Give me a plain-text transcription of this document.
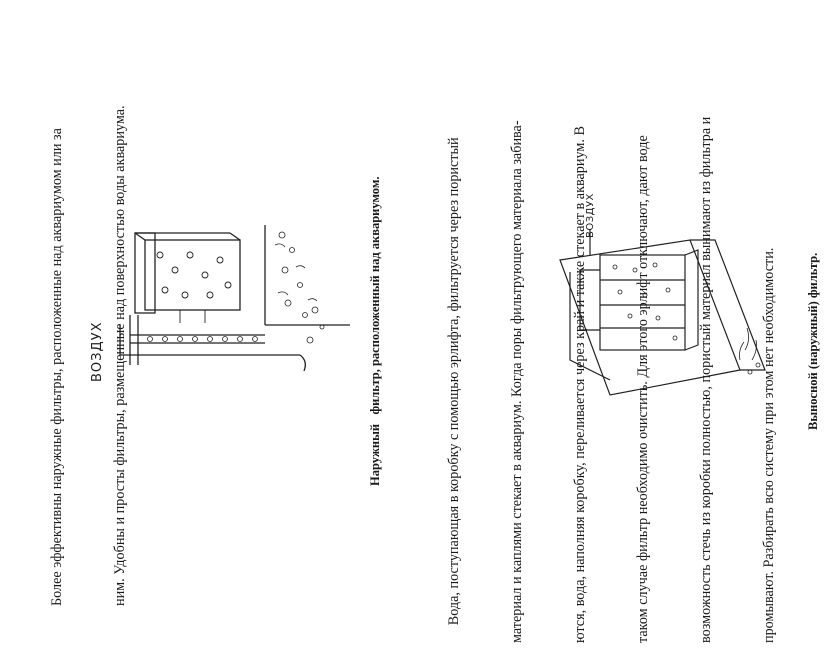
Более эффективны наружные фильтры, расположенные над аквариумом или за

	ним. Удобны и просты фильтры, размещенные над поверхностью воды аквариума.

ВОЗДУХ	Наружный   фильтр, расположенный над аквариумом.

	Вода, поступающая в коробку с помощью эрлифта, фильтруется через пористый

	материал и каплями стекает в аквариум. Когда поры фильтрующего материала забива-

	ются, вода, наполняя коробку, переливается через край и также стекает в аквариум. В

	таком случае фильтр необходимо очистить. Для этого эрлифт отключают, дают воде

	возможность стечь из коробки полностью, пористый материал вынимают из фильтра и

	промывают. Разбирать всю систему при этом нет необходимости.

ВОЗДУХ
Выносной (наружный) фильтр.
